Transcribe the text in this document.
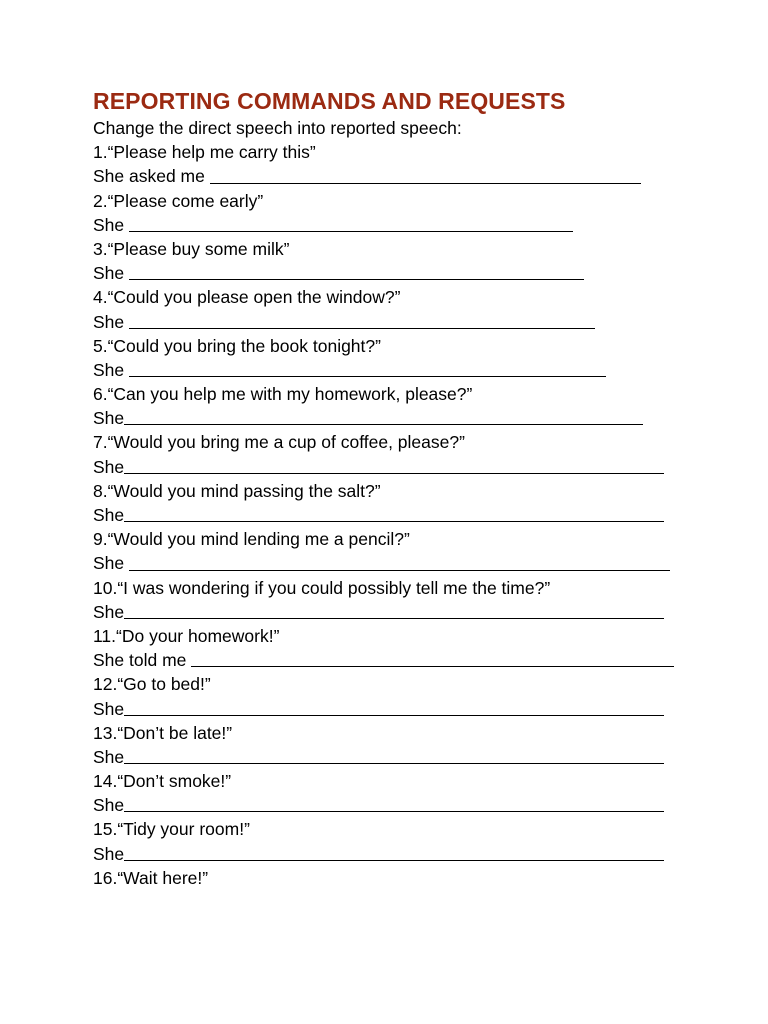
REPORTING COMMANDS AND REQUESTS

Change the direct speech into reported speech:

1.“Please help me carry this”
She asked me
2.“Please come early”
She
3.“Please buy some milk”
She
4.“Could you please open the window?”
She
5.“Could you bring the book tonight?”
She
6.“Can you help me with my homework, please?”
She
7.“Would you bring me a cup of coffee, please?”
She
8.“Would you mind passing the salt?”
She
9.“Would you mind lending me a pencil?”
She
10.“I was wondering if you could possibly tell me the time?”
She
11.“Do your homework!”
She told me
12.“Go to bed!”
She
13.“Don’t be late!”
She
14.“Don’t smoke!”
She
15.“Tidy your room!”
She
16.“Wait here!”
